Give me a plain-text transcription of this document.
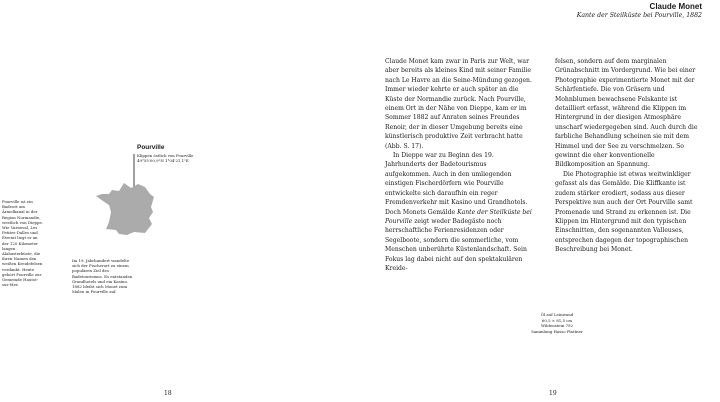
Claude Monet
Kante der Steilküste bei Pourville, 1882
Pourville ist ein Badeort am Ärmelkanal in der Region Normandie, westlich von Dieppe. Wie Varneval, Les Petites-Dalles und Étretat liegt er an der 120 Kilometer langen Alabasterküste, die ihren Namen den weißen Kreidefelsen verdankt. Heute gehört Pourville zur Gemeinde Hautot-sur-Mer.
Im 19. Jahrhundert wandelte sich der Fischerort zu einem populären Ziel des Badetourismus. Es entstanden Grandhotels und ein Kasino. 1882 bleibt sich Monet zum Malen in Pourville auf.
Pourville
Klippen östlich von Pourville
49°55'00,9"N 1°04'21,1"E

Claude Monet kam zwar in Paris zur Welt, war aber bereits als kleines Kind mit seiner Familie nach Le Havre an die Seine-Mündung gezogen. Immer wieder kehrte er auch später an die Küste der Normandie zurück. Nach Pourville, einem Ort in der Nähe von Dieppe, kam er im Sommer 1882 auf Anraten seines Freundes Renoir, der in dieser Umgebung bereits eine künstlerisch produktive Zeit verbracht hatte (Abb. S. 17).

In Dieppe war zu Beginn des 19. Jahrhunderts der Badetourismus aufgekommen. Auch in den umliegenden einstigen Fischerdörfern wie Pourville entwickelte sich daraufhin ein reger Fremdenverkehr mit Kasino und Grandhotels. Doch Monets Gemälde Kante der Steilküste bei Pourville zeigt weder Badegäste noch herrschaftliche Ferienresidenzen oder Segelboote, sondern die sommerliche, vom Menschen unberührte Küstenlandschaft. Sein Fokus lag dabei nicht auf den spektakulären Kreide-

felsen, sondern auf dem marginalen Grünabschnitt im Vordergrund. Wie bei einer Photographie experimentierte Monet mit der Schärfentiefe. Die von Gräsern und Mohnblumen bewachsene Felskante ist detailliert erfasst, während die Klippen im Hintergrund in der diesigen Atmosphäre unscharf wiedergegeben sind. Auch durch die farbliche Behandlung scheinen sie mit dem Himmel und der See zu verschmelzen. So gewinnt die eher konventionelle Bildkomposition an Spannung.

Die Photographie ist etwas weitwinkliger gefasst als das Gemälde. Die Kliffkante ist zudem stärker erodiert, sodass aus dieser Perspektive nun auch der Ort Pourville samt Promenade und Strand zu erkennen ist. Die Klippen im Hintergrund mit den typischen Einschnitten, den sogenannten Valleuses, entsprechen dagegen der topographischen Beschreibung bei Monet.

Öl auf Leinwand
60,5 × 81,5 cm
Wildenstein 792
Sammlung Hasso Plattner
18	19
